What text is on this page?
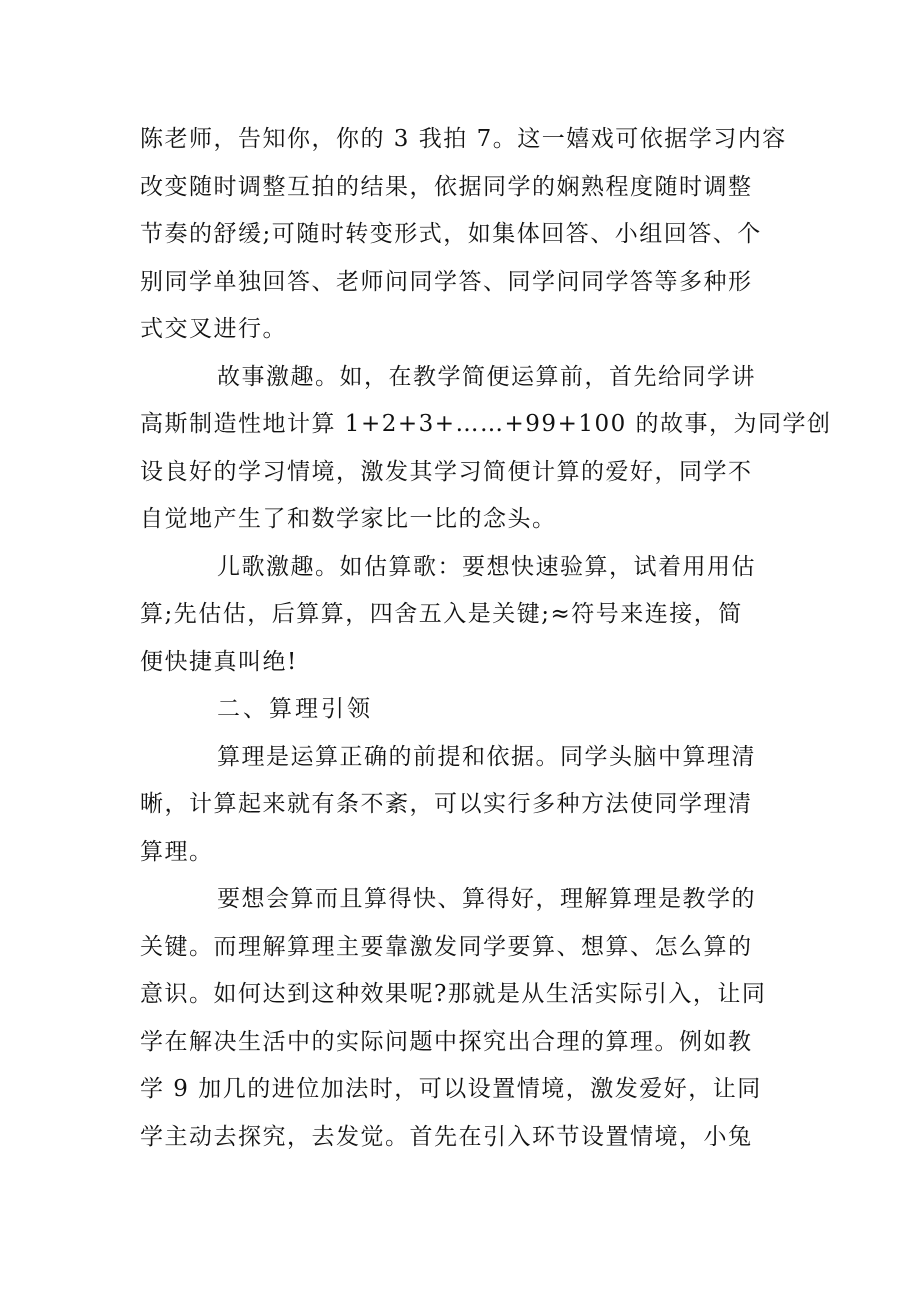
陈老师，告知你，你的 3 我拍 7。这一嬉戏可依据学习内容
改变随时调整互拍的结果，依据同学的娴熟程度随时调整
节奏的舒缓;可随时转变形式，如集体回答、小组回答、个
别同学单独回答、老师问同学答、同学问同学答等多种形
式交叉进行。
故事激趣。如，在教学简便运算前，首先给同学讲
高斯制造性地计算 1+2+3+……+99+100 的故事，为同学创
设良好的学习情境，激发其学习简便计算的爱好，同学不
自觉地产生了和数学家比一比的念头。
儿歌激趣。如估算歌：要想快速验算，试着用用估
算;先估估，后算算，四舍五入是关键;≈符号来连接，简
便快捷真叫绝!
二、算理引领
算理是运算正确的前提和依据。同学头脑中算理清
晰，计算起来就有条不紊，可以实行多种方法使同学理清
算理。
要想会算而且算得快、算得好，理解算理是教学的
关键。而理解算理主要靠激发同学要算、想算、怎么算的
意识。如何达到这种效果呢?那就是从生活实际引入，让同
学在解决生活中的实际问题中探究出合理的算理。例如教
学 9 加几的进位加法时，可以设置情境，激发爱好，让同
学主动去探究，去发觉。首先在引入环节设置情境，小兔
